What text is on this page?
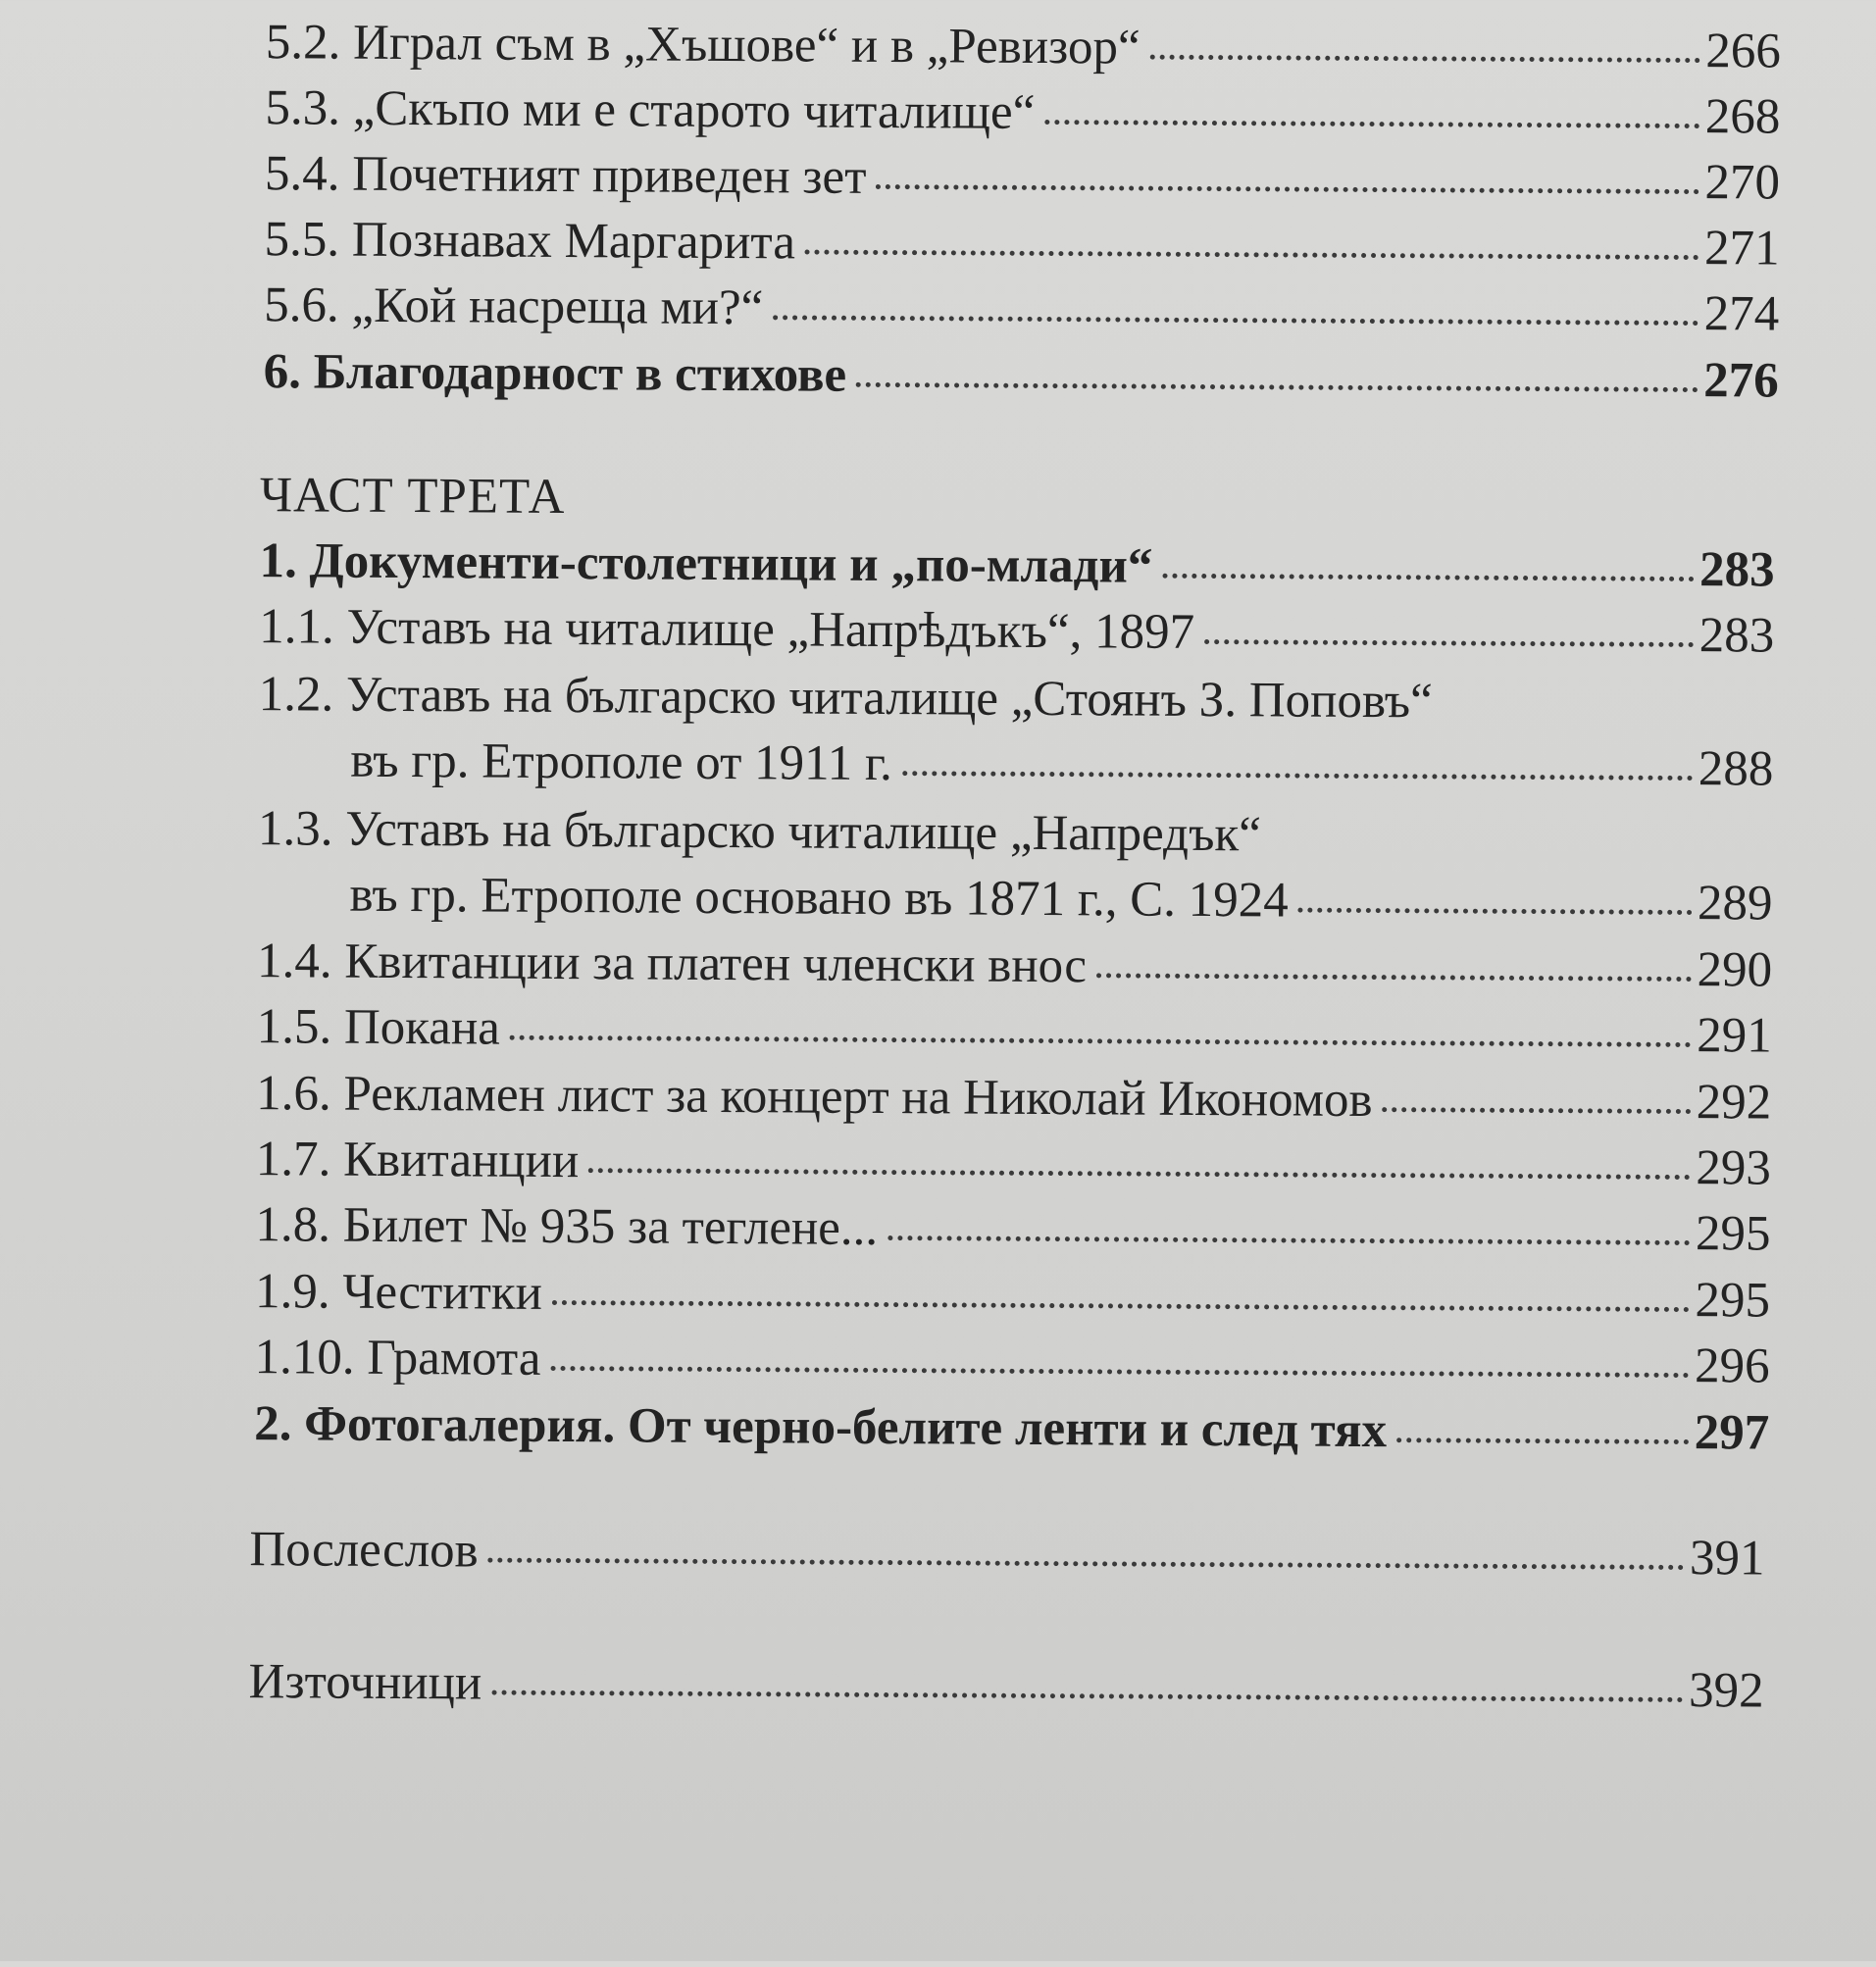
5.2. Играл съм в „Хъшове“ и в „Ревизор“	266
5.3. „Скъпо ми е старото читалище“	268
5.4. Почетният приведен зет	270
5.5. Познавах Маргарита	271
5.6. „Кой насреща ми?“	274
6. Благодарност в стихове	276
ЧАСТ ТРЕТА
1. Документи-столетници и „по-млади“	283
1.1. Уставъ на читалище „Напрѣдъкъ“, 1897	283
1.2. Уставъ на българско читалище „Стоянъ З. Поповъ“
въ гр. Етрополе от 1911 г.	288
1.3. Уставъ на българско читалище „Напредък“
въ гр. Етрополе основано въ 1871 г., С. 1924	289
1.4. Квитанции за платен членски внос	290
1.5. Покана	291
1.6. Рекламен лист за концерт на Николай Икономов	292
1.7. Квитанции	293
1.8. Билет № 935 за теглене...	295
1.9. Честитки	295
1.10. Грамота	296
2. Фотогалерия. От черно-белите ленти и след тях	297
Послеслов	391
Източници	392
